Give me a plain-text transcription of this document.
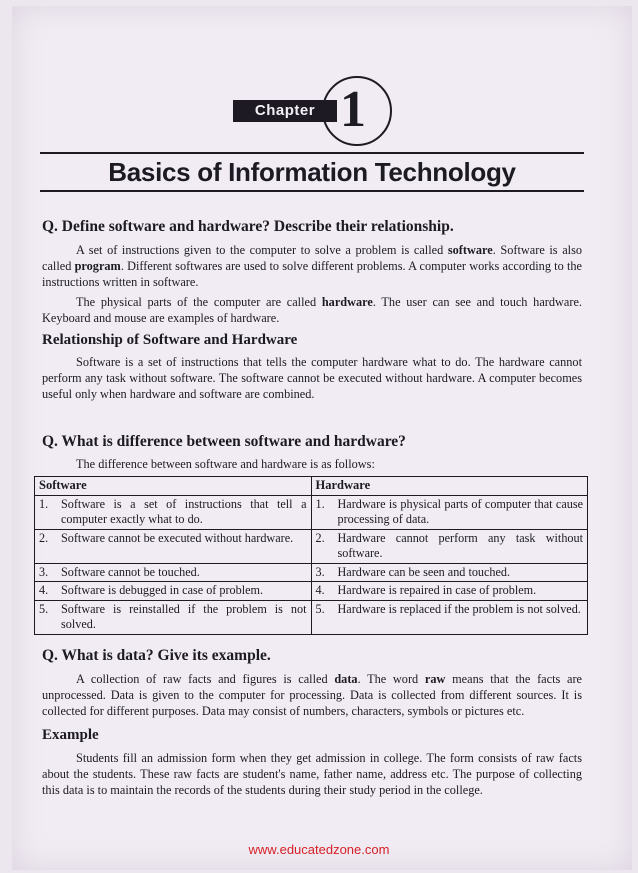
Chapter 1
Basics of Information Technology
Q. Define software and hardware? Describe their relationship.

A set of instructions given to the computer to solve a problem is called software. Software is also called program. Different softwares are used to solve different problems. A computer works according to the instructions written in software.

The physical parts of the computer are called hardware. The user can see and touch hardware. Keyboard and mouse are examples of hardware.

Relationship of Software and Hardware

Software is a set of instructions that tells the computer hardware what to do. The hardware cannot perform any task without software. The software cannot be executed without hardware. A computer becomes useful only when hardware and software are combined.

Q. What is difference between software and hardware?

The difference between software and hardware is as follows:

Software	Hardware

1. Software is a set of instructions that tell a computer exactly what to do.	1. Hardware is physical parts of computer that cause processing of data.

2. Software cannot be executed without hardware.	2. Hardware cannot perform any task without software.

3. Software cannot be touched.	3. Hardware can be seen and touched.

4. Software is debugged in case of problem.	4. Hardware is repaired in case of problem.

5. Software is reinstalled if the problem is not solved.	5. Hardware is replaced if the problem is not solved.
Q. What is data? Give its example.

A collection of raw facts and figures is called data. The word raw means that the facts are unprocessed. Data is given to the computer for processing. Data is collected from different sources. It is collected for different purposes. Data may consist of numbers, characters, symbols or pictures etc.

Example

Students fill an admission form when they get admission in college. The form consists of raw facts about the students. These raw facts are student's name, father name, address etc. The purpose of collecting this data is to maintain the records of the students during their study period in the college.

www.educatedzone.com
